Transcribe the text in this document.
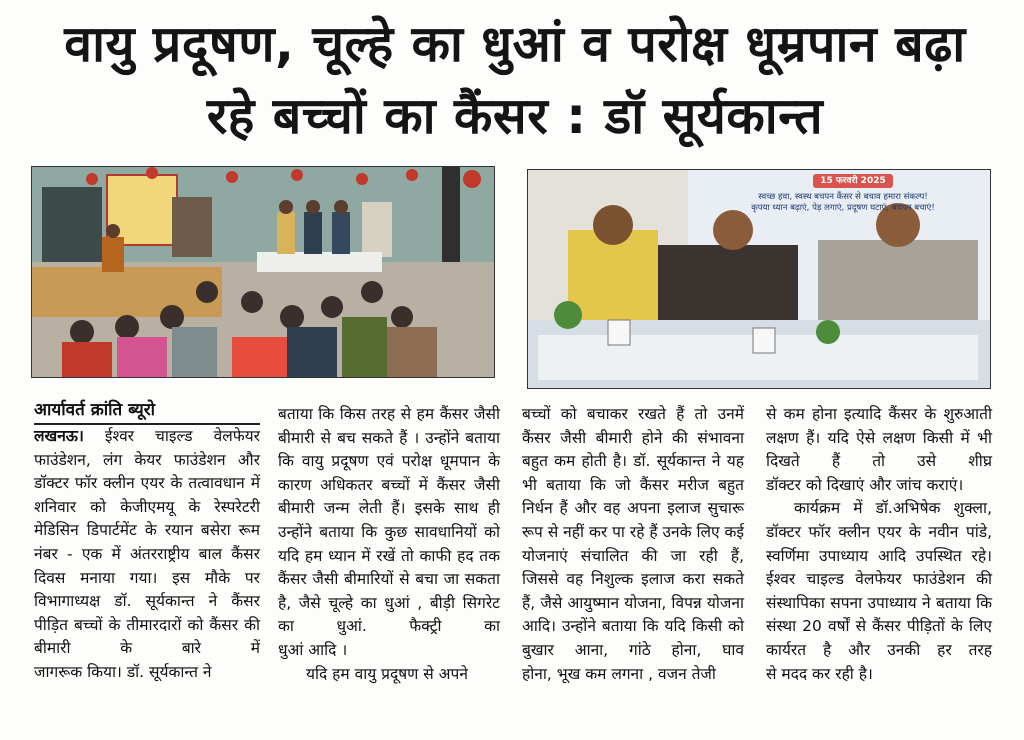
वायु प्रदूषण, चूल्हे का धुआं व परोक्ष धूम्रपान बढ़ा
रहे बच्चों का कैंसर : डॉ सूर्यकान्त
15 फरवरी 2025
स्वच्छ हवा, स्वस्थ बचपन कैंसर से बचाव हमारा संकल्प!
कृपया ध्यान बढ़ाएं, पेड़ लगाएं, प्रदूषण घटाएं, बचपन बचाएं!

आर्यावर्त क्रांति ब्यूरो

लखनऊ। ईश्वर चाइल्ड वेलफेयर फाउंडेशन, लंग केयर फाउंडेशन और डॉक्टर फॉर क्लीन एयर के तत्वावधान में शनिवार को केजीएमयू के रेस्परेटरी मेडिसिन डिपार्टमेंट के रयान बसेरा रूम नंबर - एक में अंतरराष्ट्रीय बाल कैंसर दिवस मनाया गया। इस मौके पर विभागाध्यक्ष डॉ. सूर्यकान्त ने कैंसर पीड़ित बच्चों के तीमारदारों को कैंसर की बीमारी के बारे में

जागरूक किया। डॉ. सूर्यकान्त ने

बताया कि किस तरह से हम कैंसर जैसी बीमारी से बच सकते हैं । उन्होंने बताया कि वायु प्रदूषण एवं परोक्ष धूमपान के कारण अधिकतर बच्चों में कैंसर जैसी बीमारी जन्म लेती हैं। इसके साथ ही उन्होंने बताया कि कुछ सावधानियों को यदि हम ध्यान में रखें तो काफी हद तक कैंसर जैसी बीमारियों से बचा जा सकता है, जैसे चूल्हे का धुआं , बीड़ी सिगरेट का धुआं. फैक्ट्री का

धुआं आदि ।

यदि हम वायु प्रदूषण से अपने

बच्चों को बचाकर रखते हैं तो उनमें कैंसर जैसी बीमारी होने की संभावना बहुत कम होती है। डॉ. सूर्यकान्त ने यह भी बताया कि जो कैंसर मरीज बहुत निर्धन हैं और वह अपना इलाज सुचारू रूप से नहीं कर पा रहे हैं उनके लिए कई योजनाएं संचालित की जा रही हैं, जिससे वह निशुल्क इलाज करा सकते हैं, जैसे आयुष्मान योजना, विपन्न योजना आदि। उन्होंने बताया कि यदि किसी को बुखार आना, गांठे होना, घाव

होना, भूख कम लगना , वजन तेजी

से कम होना इत्यादि कैंसर के शुरुआती लक्षण हैं। यदि ऐसे लक्षण किसी में भी दिखते हैं तो उसे शीघ्र

डॉक्टर को दिखाएं और जांच कराएं।

कार्यक्रम में डॉ.अभिषेक शुक्ला, डॉक्टर फॉर क्लीन एयर के नवीन पांडे, स्वर्णिमा उपाध्याय आदि उपस्थित रहे। ईश्वर चाइल्ड वेलफेयर फाउंडेशन की संस्थापिका सपना उपाध्याय ने बताया कि संस्था 20 वर्षों से कैंसर पीड़ितों के लिए कार्यरत है और उनकी हर तरह

से मदद कर रही है।
